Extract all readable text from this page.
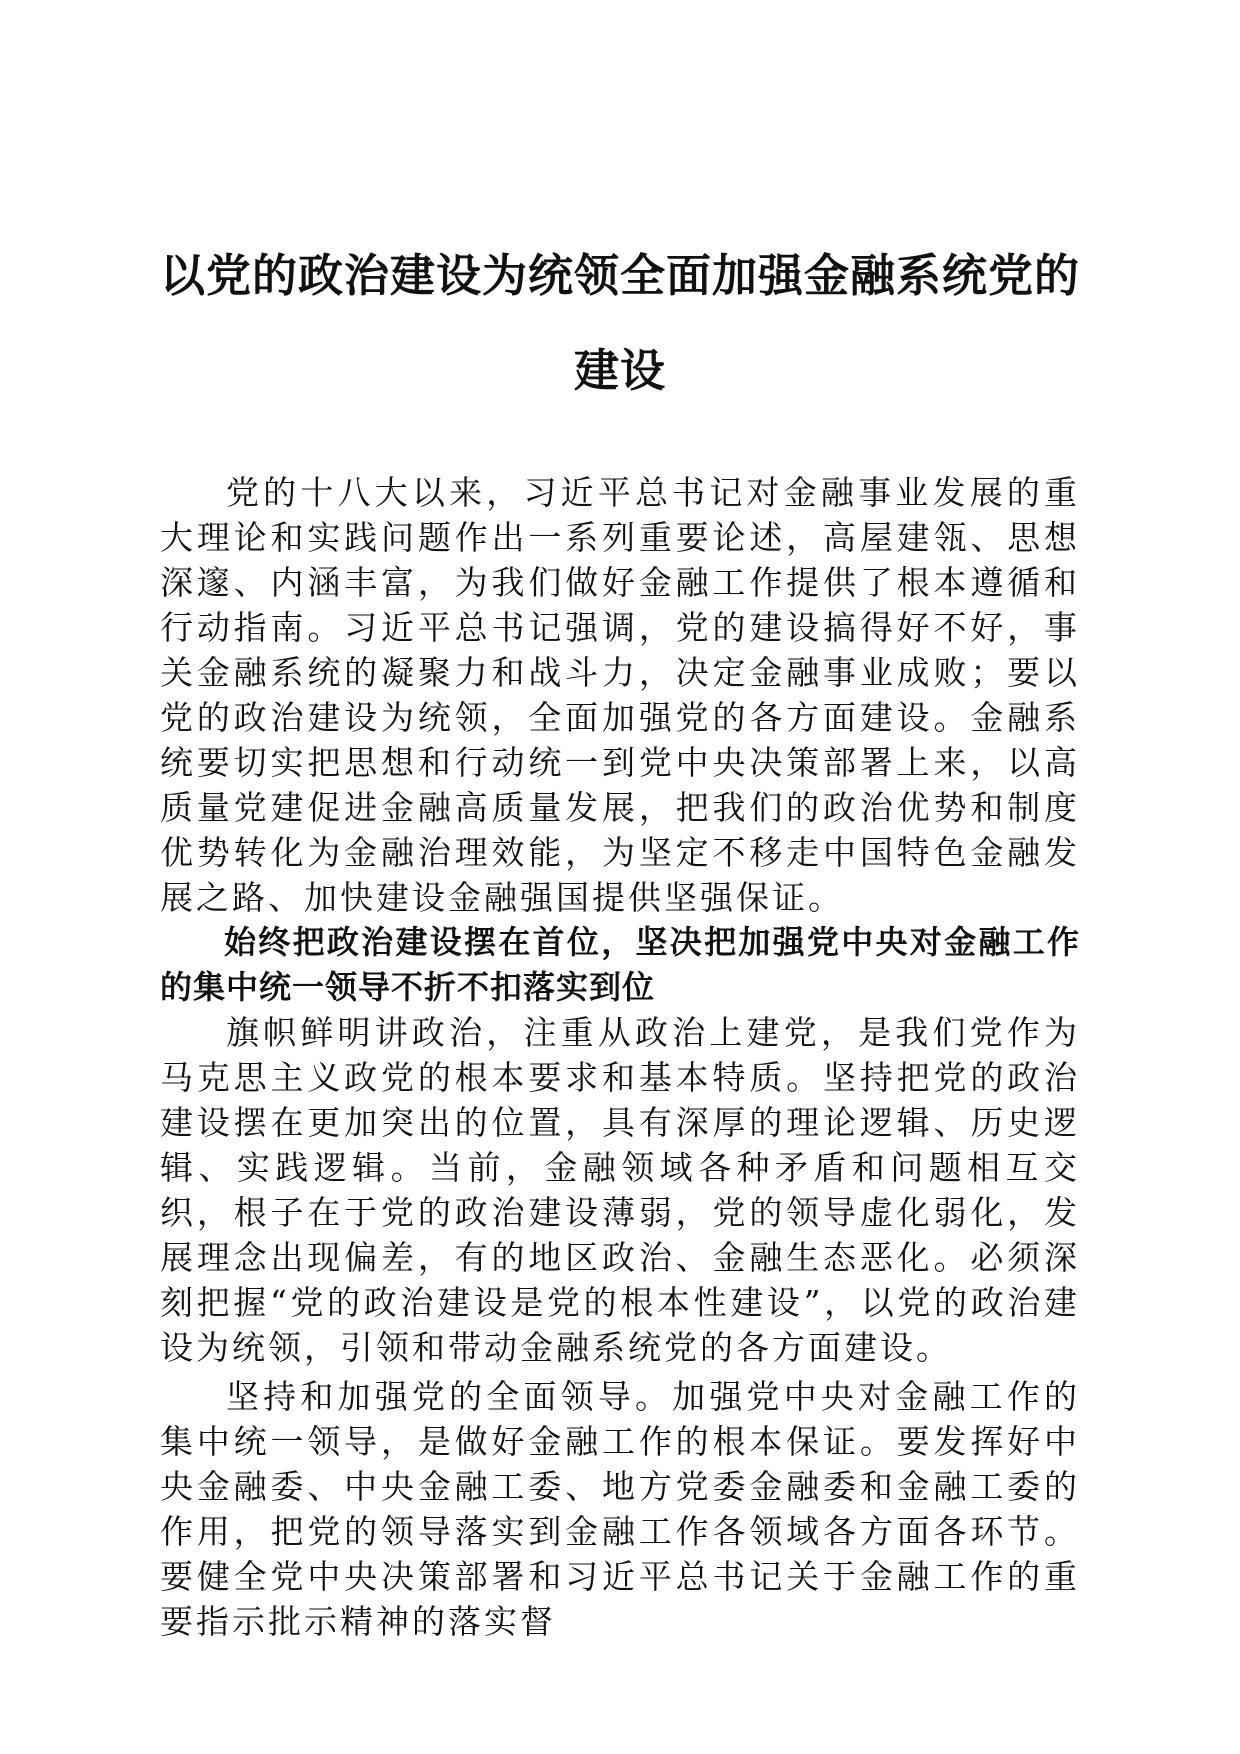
以党的政治建设为统领全面加强金融系统党的建设

党的十八大以来，习近平总书记对金融事业发展的重大理论和实践问题作出一系列重要论述，高屋建瓴、思想深邃、内涵丰富，为我们做好金融工作提供了根本遵循和行动指南。习近平总书记强调，党的建设搞得好不好，事关金融系统的凝聚力和战斗力，决定金融事业成败；要以党的政治建设为统领，全面加强党的各方面建设。金融系统要切实把思想和行动统一到党中央决策部署上来，以高质量党建促进金融高质量发展，把我们的政治优势和制度优势转化为金融治理效能，为坚定不移走中国特色金融发展之路、加快建设金融强国提供坚强保证。

始终把政治建设摆在首位，坚决把加强党中央对金融工作的集中统一领导不折不扣落实到位

旗帜鲜明讲政治，注重从政治上建党，是我们党作为马克思主义政党的根本要求和基本特质。坚持把党的政治建设摆在更加突出的位置，具有深厚的理论逻辑、历史逻辑、实践逻辑。当前，金融领域各种矛盾和问题相互交织，根子在于党的政治建设薄弱，党的领导虚化弱化，发展理念出现偏差，有的地区政治、金融生态恶化。必须深刻把握“党的政治建设是党的根本性建设”，以党的政治建设为统领，引领和带动金融系统党的各方面建设。

坚持和加强党的全面领导。加强党中央对金融工作的集中统一领导，是做好金融工作的根本保证。要发挥好中央金融委、中央金融工委、地方党委金融委和金融工委的作用，把党的领导落实到金融工作各领域各方面各环节。要健全党中央决策部署和习近平总书记关于金融工作的重要指示批示精神的落实督
